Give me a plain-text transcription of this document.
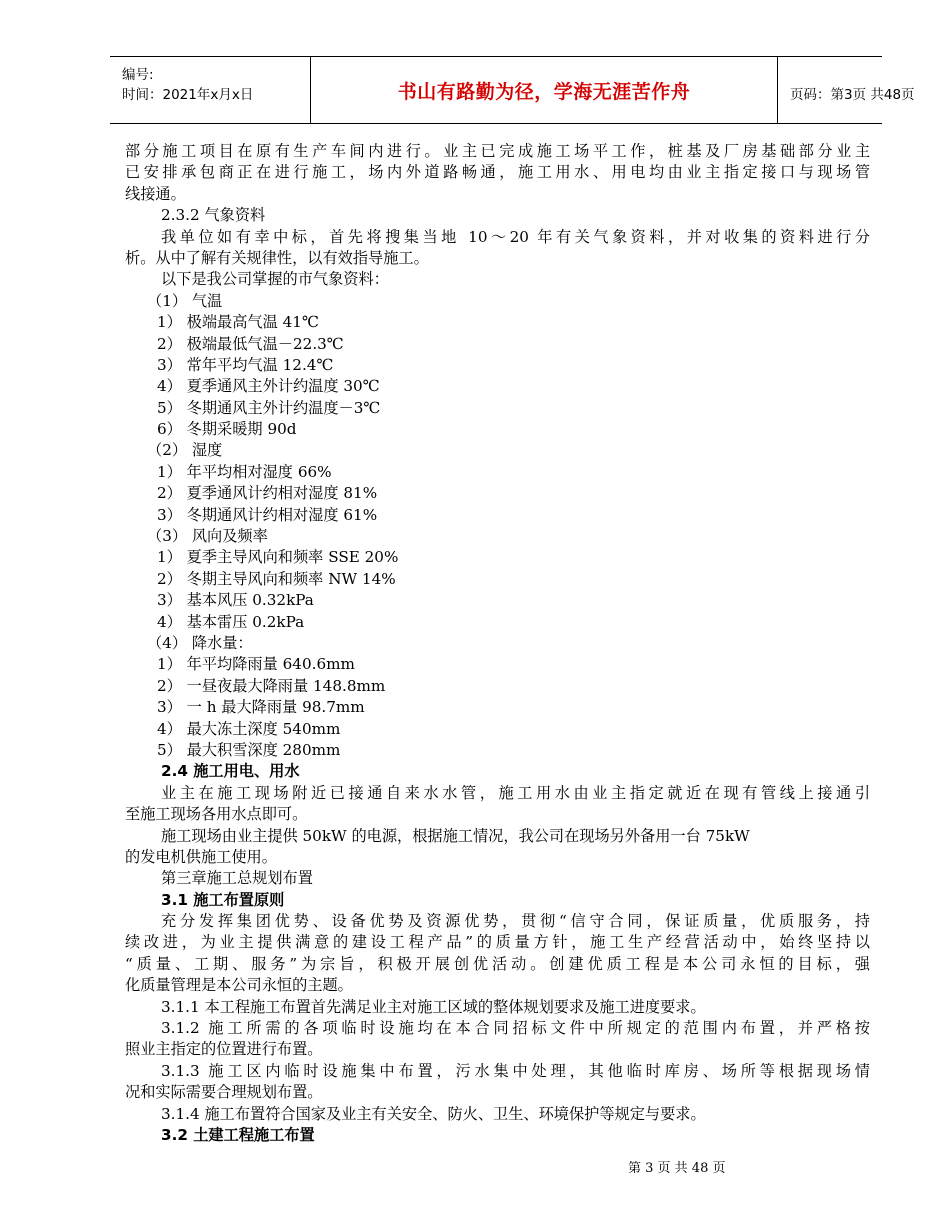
编号:
时间：2021年x月x日	书山有路勤为径，学海无涯苦作舟	页码：第3页 共48页
部分施工项目在原有生产车间内进行。业主已完成施工场平工作，桩基及厂房基础部分业主
已安排承包商正在进行施工，场内外道路畅通，施工用水、用电均由业主指定接口与现场管
线接通。
2.3.2 气象资料
我单位如有幸中标，首先将搜集当地 10～20 年有关气象资料，并对收集的资料进行分
析。从中了解有关规律性，以有效指导施工。
以下是我公司掌握的市气象资料：
（1） 气温
1） 极端最高气温 41℃
2） 极端最低气温－22.3℃
3） 常年平均气温 12.4℃
4） 夏季通风主外计约温度 30℃
5） 冬期通风主外计约温度－3℃
6） 冬期采暖期 90d
（2） 湿度
1） 年平均相对湿度 66%
2） 夏季通风计约相对湿度 81%
3） 冬期通风计约相对湿度 61%
（3） 风向及频率
1） 夏季主导风向和频率 SSE 20%
2） 冬期主导风向和频率 NW 14%
3） 基本风压 0.32kPa
4） 基本雷压 0.2kPa
（4） 降水量：
1） 年平均降雨量 640.6mm
2） 一昼夜最大降雨量 148.8mm
3） 一 h 最大降雨量 98.7mm
4） 最大冻土深度 540mm
5） 最大积雪深度 280mm
2.4 施工用电、用水
业主在施工现场附近已接通自来水水管，施工用水由业主指定就近在现有管线上接通引
至施工现场各用水点即可。
施工现场由业主提供 50kW 的电源，根据施工情况，我公司在现场另外备用一台 75kW
的发电机供施工使用。
第三章施工总规划布置
3.1 施工布置原则
充分发挥集团优势、设备优势及资源优势，贯彻“信守合同，保证质量，优质服务，持
续改进，为业主提供满意的建设工程产品”的质量方针，施工生产经营活动中，始终坚持以
“质量、工期、服务”为宗旨，积极开展创优活动。创建优质工程是本公司永恒的目标，强
化质量管理是本公司永恒的主题。
3.1.1 本工程施工布置首先满足业主对施工区域的整体规划要求及施工进度要求。
3.1.2 施工所需的各项临时设施均在本合同招标文件中所规定的范围内布置，并严格按
照业主指定的位置进行布置。
3.1.3 施工区内临时设施集中布置，污水集中处理，其他临时库房、场所等根据现场情
况和实际需要合理规划布置。
3.1.4 施工布置符合国家及业主有关安全、防火、卫生、环境保护等规定与要求。
3.2 土建工程施工布置
第 3 页 共 48 页
